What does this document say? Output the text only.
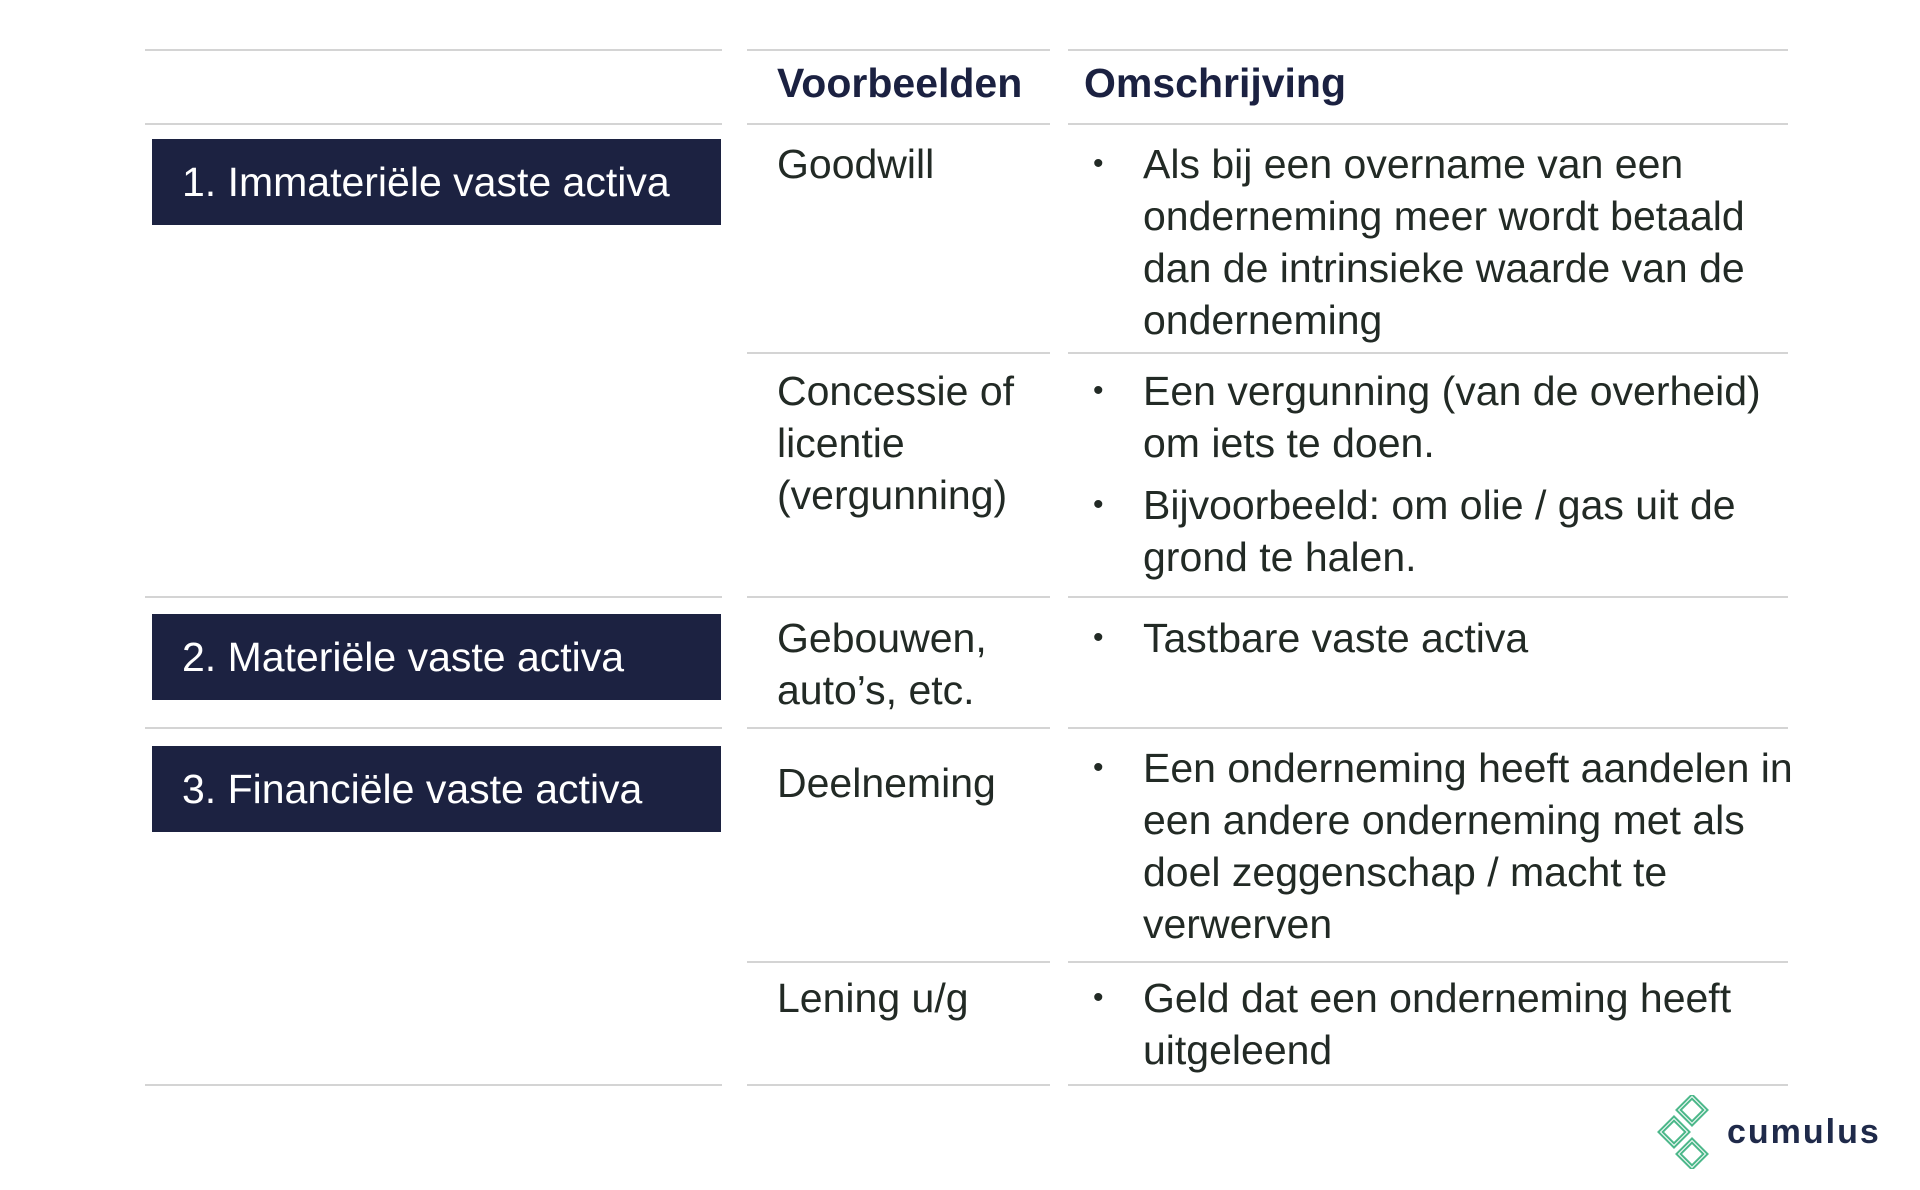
Voorbeelden Omschrijving
1. Immateriële vaste activa
2. Materiële vaste activa
3. Financiële vaste activa
Goodwill
Concessie of licentie (vergunning)
Gebouwen, auto’s, etc.
Deelneming
Lening u/g
• Als bij een overname van een onderneming meer wordt betaald dan de intrinsieke waarde van de onderneming
• Een vergunning (van de overheid) om iets te doen.
• Bijvoorbeeld: om olie / gas uit de grond te halen.
• Tastbare vaste activa
• Een onderneming heeft aandelen in een andere onderneming met als doel zeggenschap / macht te verwerven
• Geld dat een onderneming heeft uitgeleend
cumulus
